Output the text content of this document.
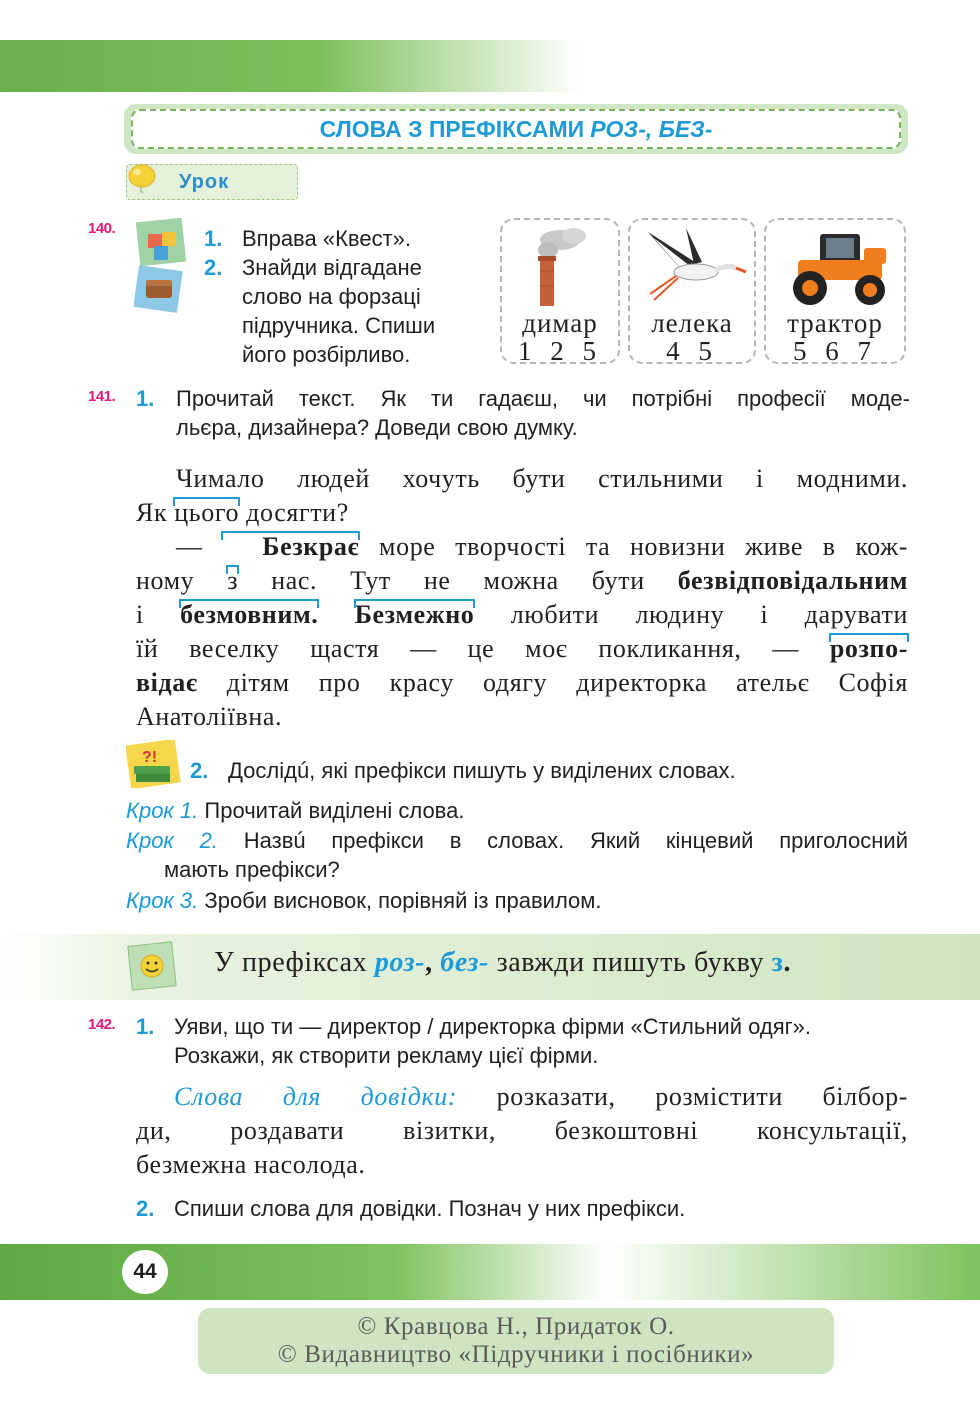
СЛОВА З ПРЕФІКСАМИ РОЗ-, БЕЗ-
Урок
140.	1. Вправа «Квест».
2. Знайди відгадане
слово на форзаці
підручника. Спиши
його розбірливо.
димар
1 2 5
лелека
4 5
трактор
5 6 7
141. 1. Прочитай текст. Як ти гадаєш, чи потрібні професії моде-
льєра, дизайнера? Доведи свою думку.
Чимало людей хочуть бути стильними і модними.
Як цього досягти?
— Безкрає море творчості та новизни живе в кож-
ному з нас. Тут не можна бути безвідповідальним
і безмовним. Безмежно любити людину і дарувати
їй веселку щастя — це моє покликання, — розпо-
відає дітям про красу одягу директорка ательє Софія
Анатоліївна.
?!
2. Дослідú, які префікси пишуть у виділених словах.
Крок 1. Прочитай виділені слова.
Крок 2. Назвú префікси в словах. Який кінцевий приголосний
мають префікси?
Крок 3. Зроби висновок, порівняй із правилом.
У префіксах роз-, без- завжди пишуть букву з.
142. 1. Уяви, що ти — директор / директорка фірми «Стильний одяг».
Розкажи, як створити рекламу цієї фірми.
Слова для довідки: розказати, розмістити білбор-
ди, роздавати візитки, безкоштовні консультації,
безмежна насолода.
2. Спиши слова для довідки. Познач у них префікси.
44
© Кравцова Н., Придаток О.
© Видавництво «Підручники і посібники»
